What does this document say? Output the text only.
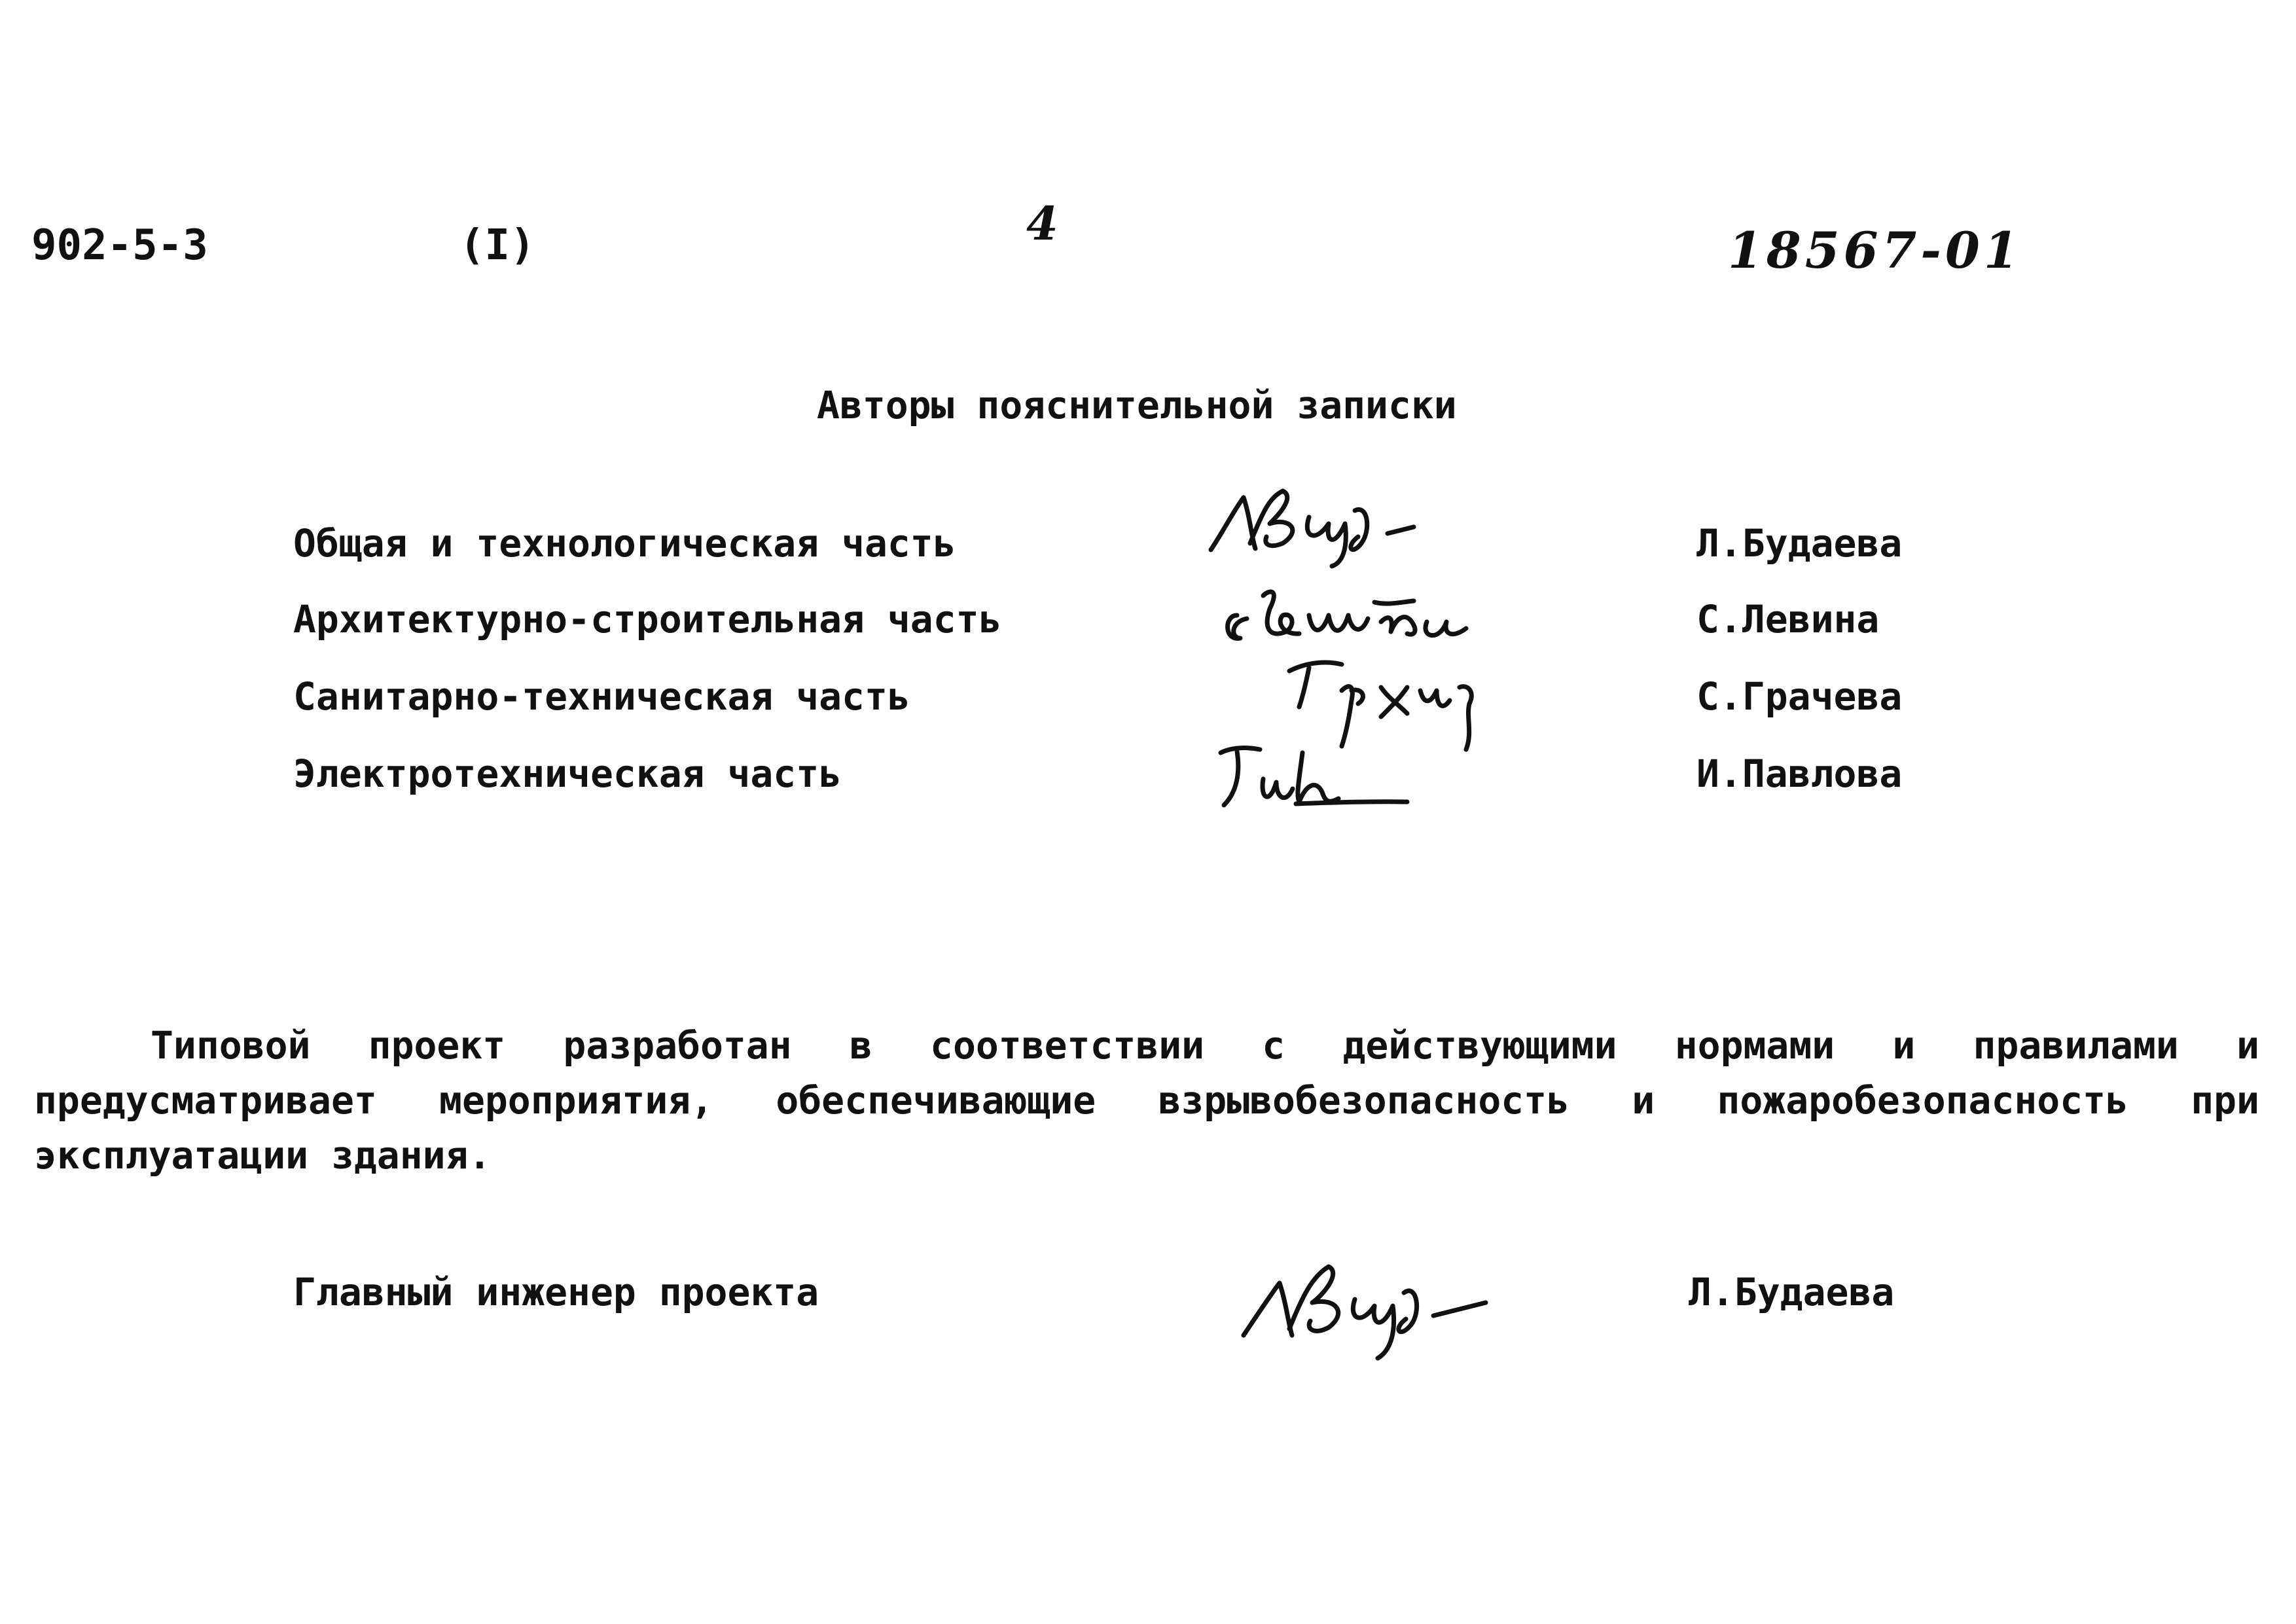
902-5-3	(I)	4	18567-01
Авторы пояснительной записки
Общая и технологическая часть	Л.Будаева
Архитектурно-строительная часть	С.Левина
Санитарно-техническая часть	С.Грачева
Электротехническая часть	И.Павлова
Типовой проект разработан в соответствии с действующими нормами и правилами и предусматривает мероприятия, обеспечивающие взрывобезопасность и пожаробезопасность при эксплуатации здания.
Главный инженер проекта	Л.Будаева
